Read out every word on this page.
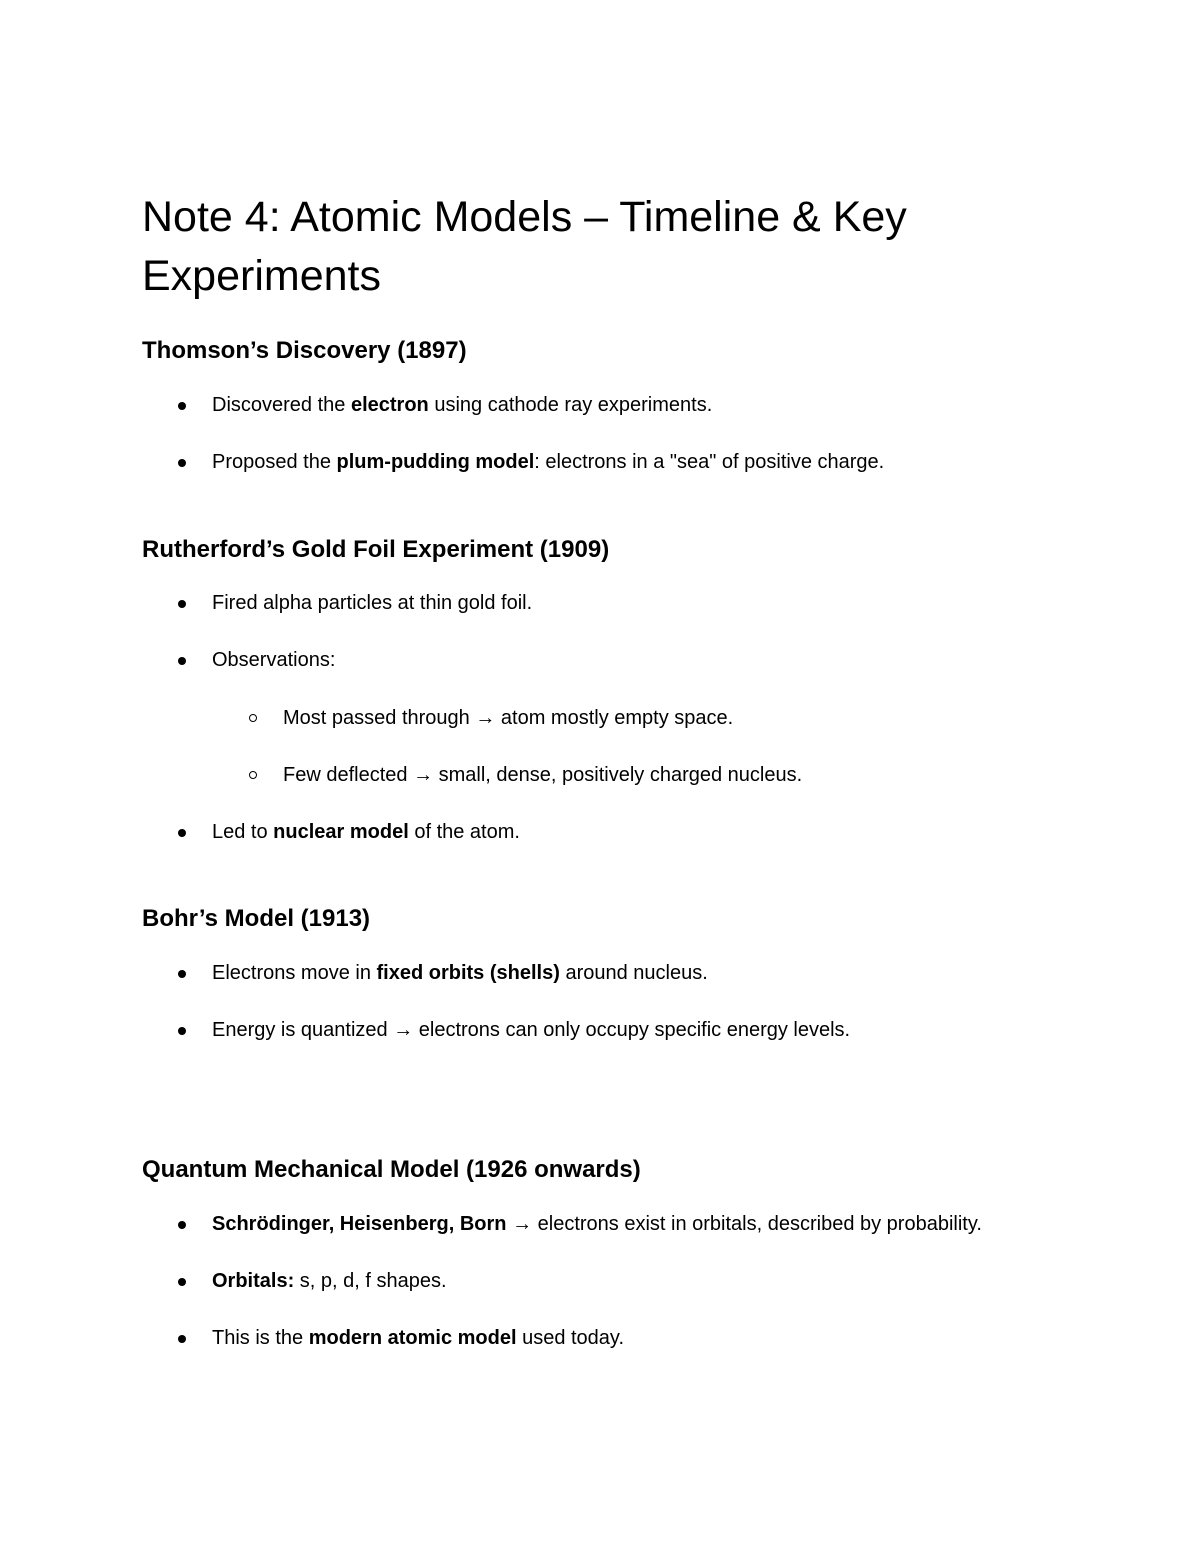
Note 4: Atomic Models – Timeline & Key Experiments
Thomson’s Discovery (1897)
Discovered the electron using cathode ray experiments.
Proposed the plum-pudding model: electrons in a "sea" of positive charge.
Rutherford’s Gold Foil Experiment (1909)
Fired alpha particles at thin gold foil.
Observations:
Most passed through → atom mostly empty space.
Few deflected → small, dense, positively charged nucleus.
Led to nuclear model of the atom.
Bohr’s Model (1913)
Electrons move in fixed orbits (shells) around nucleus.
Energy is quantized → electrons can only occupy specific energy levels.
Quantum Mechanical Model (1926 onwards)
Schrödinger, Heisenberg, Born → electrons exist in orbitals, described by probability.
Orbitals: s, p, d, f shapes.
This is the modern atomic model used today.
